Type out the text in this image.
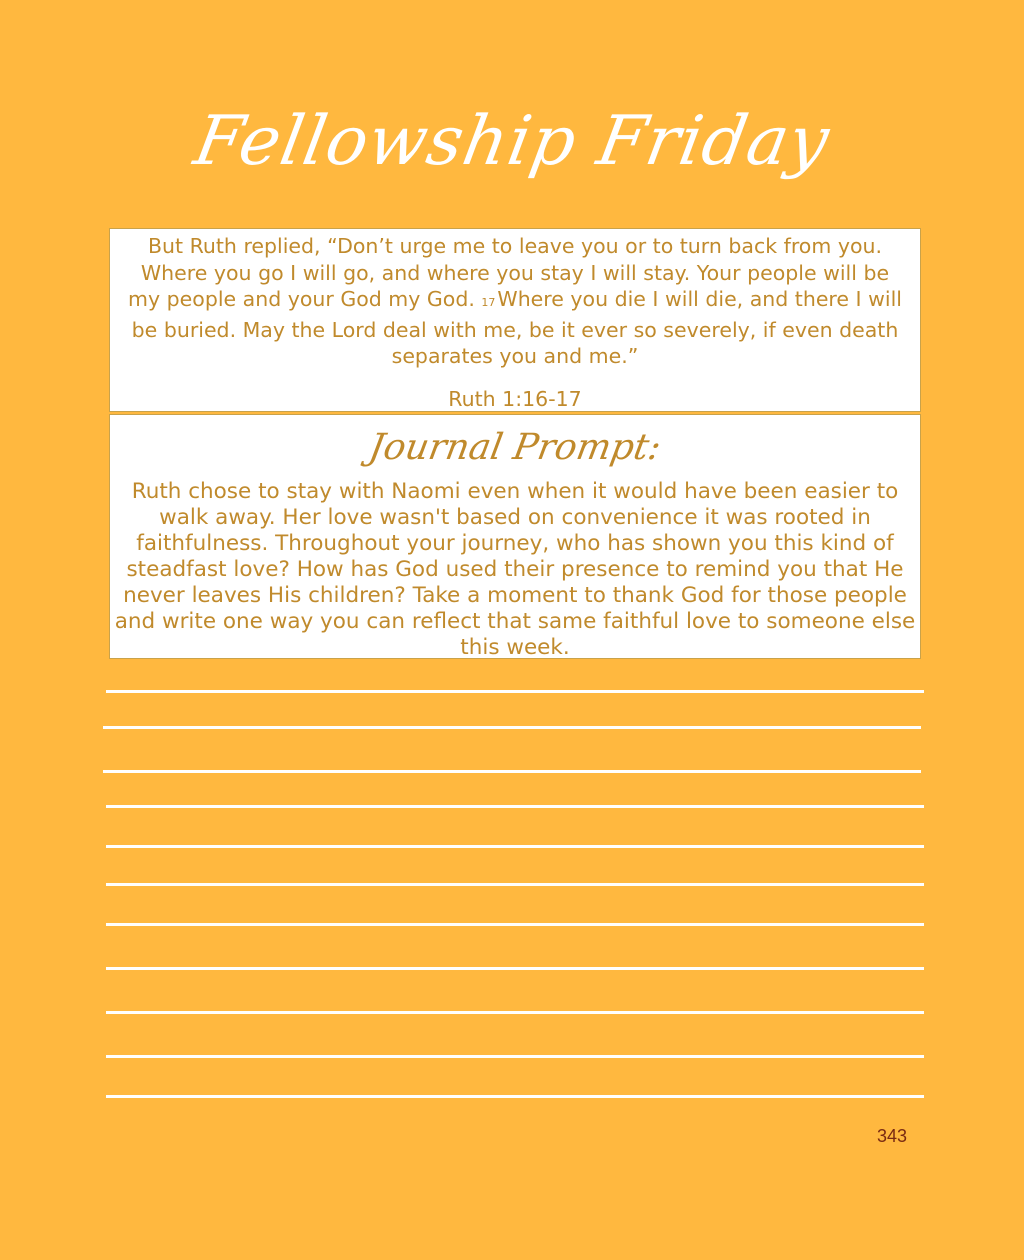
Fellowship Friday
But Ruth replied, “Don’t urge me to leave you or to turn back from you. Where you go I will go, and where you stay I will stay. Your people will be my people and your God my God. 17Where you die I will die, and there I will be buried. May the Lord deal with me, be it ever so severely, if even death separates you and me.”
Ruth 1:16-17
Journal Prompt:
Ruth chose to stay with Naomi even when it would have been easier to walk away. Her love wasn't based on convenience it was rooted in faithfulness. Throughout your journey, who has shown you this kind of steadfast love? How has God used their presence to remind you that He never leaves His children? Take a moment to thank God for those people and write one way you can reflect that same faithful love to someone else this week.
343
